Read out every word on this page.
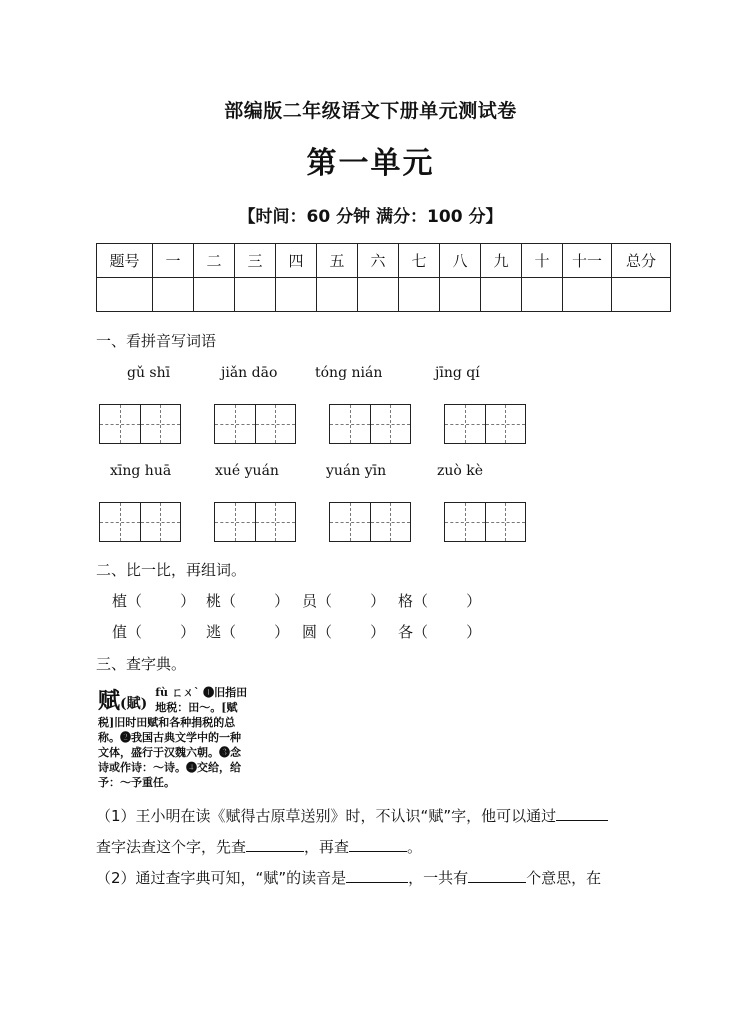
部编版二年级语文下册单元测试卷
第一单元
【时间：60 分钟 满分：100 分】
题号	一	二	三	四	五	六	七	八	九	十	十一	总分

一、看拼音写词语
gǔ shī	jiǎn dāo	tóng nián	jīng qí
xīng huā	xué yuán	yuán yīn	zuò kè
二、比一比，再组词。
植（        ） 桃（        ） 员（        ） 格（        ）
值（        ） 逃（        ） 圆（        ） 各（        ）
三、查字典。
赋(賦)
fù ㄈㄨˋ ❶旧指田
地税：田～。[赋
税]旧时田赋和各种捐税的总
称。❷我国古典文学中的一种
文体，盛行于汉魏六朝。❸念
诗或作诗：～诗。❹交给，给
予：～予重任。
（1）王小明在读《赋得古原草送别》时，不认识“赋”字，他可以通过
查字法查这个字，先查	，再查	。
（2）通过查字典可知，“赋”的读音是	，一共有	个意思，在
